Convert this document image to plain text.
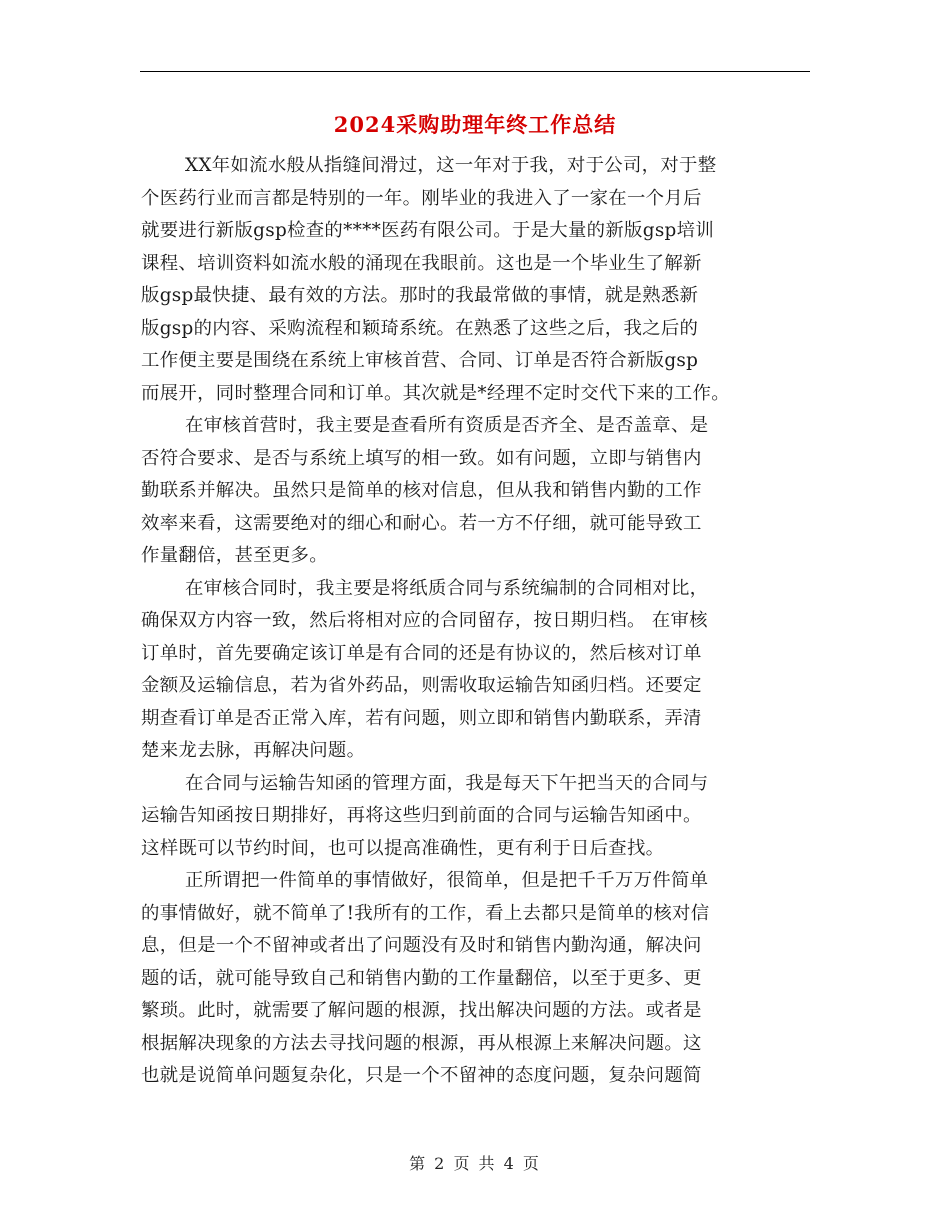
2024采购助理年终工作总结
XX年如流水般从指缝间滑过，这一年对于我，对于公司，对于整
个医药行业而言都是特别的一年。刚毕业的我进入了一家在一个月后
就要进行新版gsp检查的****医药有限公司。于是大量的新版gsp培训
课程、培训资料如流水般的涌现在我眼前。这也是一个毕业生了解新
版gsp最快捷、最有效的方法。那时的我最常做的事情，就是熟悉新
版gsp的内容、采购流程和颖琦系统。在熟悉了这些之后，我之后的
工作便主要是围绕在系统上审核首营、合同、订单是否符合新版gsp
而展开，同时整理合同和订单。其次就是*经理不定时交代下来的工作。
在审核首营时，我主要是查看所有资质是否齐全、是否盖章、是
否符合要求、是否与系统上填写的相一致。如有问题，立即与销售内
勤联系并解决。虽然只是简单的核对信息，但从我和销售内勤的工作
效率来看，这需要绝对的细心和耐心。若一方不仔细，就可能导致工
作量翻倍，甚至更多。
在审核合同时，我主要是将纸质合同与系统编制的合同相对比，
确保双方内容一致，然后将相对应的合同留存，按日期归档。 在审核
订单时，首先要确定该订单是有合同的还是有协议的，然后核对订单
金额及运输信息，若为省外药品，则需收取运输告知函归档。还要定
期查看订单是否正常入库，若有问题，则立即和销售内勤联系，弄清
楚来龙去脉，再解决问题。
在合同与运输告知函的管理方面，我是每天下午把当天的合同与
运输告知函按日期排好，再将这些归到前面的合同与运输告知函中。
这样既可以节约时间，也可以提高准确性，更有利于日后查找。
正所谓把一件简单的事情做好，很简单，但是把千千万万件简单
的事情做好，就不简单了!我所有的工作，看上去都只是简单的核对信
息，但是一个不留神或者出了问题没有及时和销售内勤沟通，解决问
题的话，就可能导致自己和销售内勤的工作量翻倍，以至于更多、更
繁琐。此时，就需要了解问题的根源，找出解决问题的方法。或者是
根据解决现象的方法去寻找问题的根源，再从根源上来解决问题。这
也就是说简单问题复杂化，只是一个不留神的态度问题，复杂问题简
第 2 页 共 4 页
